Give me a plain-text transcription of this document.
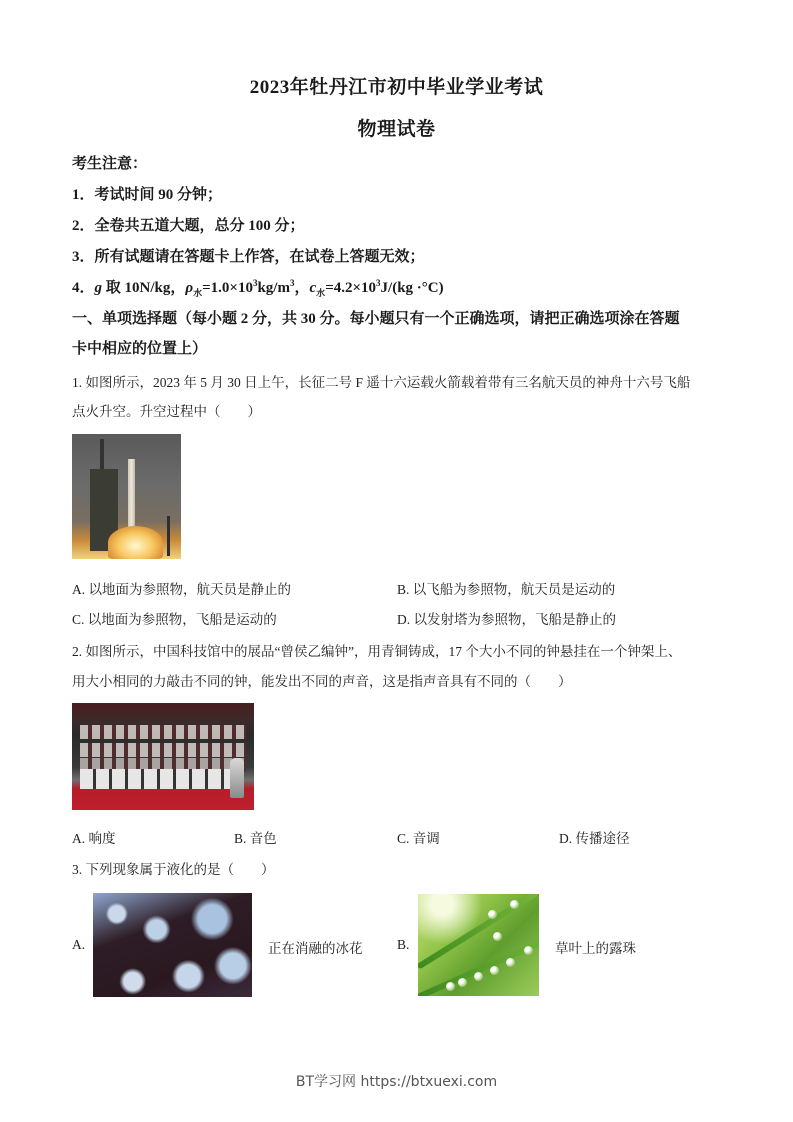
2023年牡丹江市初中毕业学业考试
物理试卷
考生注意：
1．考试时间 90 分钟；
2．全卷共五道大题，总分 100 分；
3．所有试题请在答题卡上作答，在试卷上答题无效；
4．g 取 10N/kg，$\rho_水=1.0\times 10^3kg/m^3$，$c_水=4.2\times 10^3J/(kg \cdot^\circ C)$
一、单项选择题（每小题 2 分，共 30 分。每小题只有一个正确选项，请把正确选项涂在答题
卡中相应的位置上）
1. 如图所示，2023 年 5 月 30 日上午，长征二号 F 遥十六运载火箭载着带有三名航天员的神舟十六号飞船
点火升空。升空过程中（　　）
A. 以地面为参照物，航天员是静止的	B. 以飞船为参照物，航天员是运动的
C. 以地面为参照物，飞船是运动的	D. 以发射塔为参照物，飞船是静止的
2. 如图所示，中国科技馆中的展品“曾侯乙编钟”，用青铜铸成，17 个大小不同的钟悬挂在一个钟架上、
用大小相同的力敲击不同的钟，能发出不同的声音，这是指声音具有不同的（　　）
A. 响度	B. 音色	C. 音调	D. 传播途径
3. 下列现象属于液化的是（　　）
A.	正在消融的冰花	B.	草叶上的露珠
BT学习网 https://btxuexi.com
